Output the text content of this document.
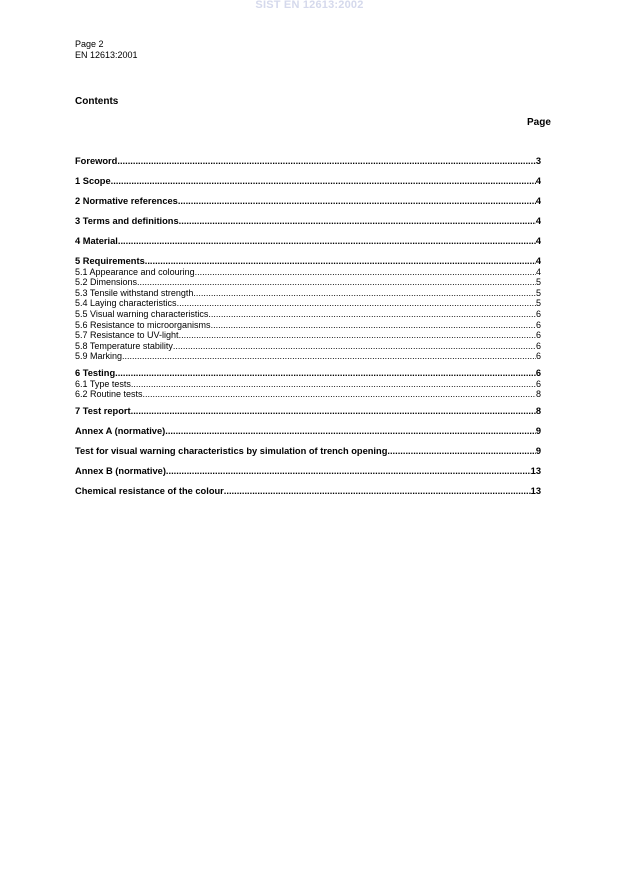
SIST EN 12613:2002
Page 2
EN 12613:2001
Contents
Page
Foreword .....	3
1 Scope .....	4
2 Normative references .....	4
3 Terms and definitions .....	4
4 Material .....	4
5 Requirements .....	4
5.1 Appearance and colouring .....	4
5.2 Dimensions .....	5
5.3 Tensile withstand strength .....	5
5.4 Laying characteristics .....	5
5.5 Visual warning characteristics .....	6
5.6 Resistance to microorganisms .....	6
5.7 Resistance to UV-light .....	6
5.8 Temperature stability .....	6
5.9 Marking .....	6
6 Testing .....	6
6.1 Type tests .....	6
6.2 Routine tests .....	8
7 Test report .....	8
Annex A (normative) .....	9
Test for visual warning characteristics by simulation of trench opening .....	9
Annex B (normative) .....	13
Chemical resistance of the colour .....	13
